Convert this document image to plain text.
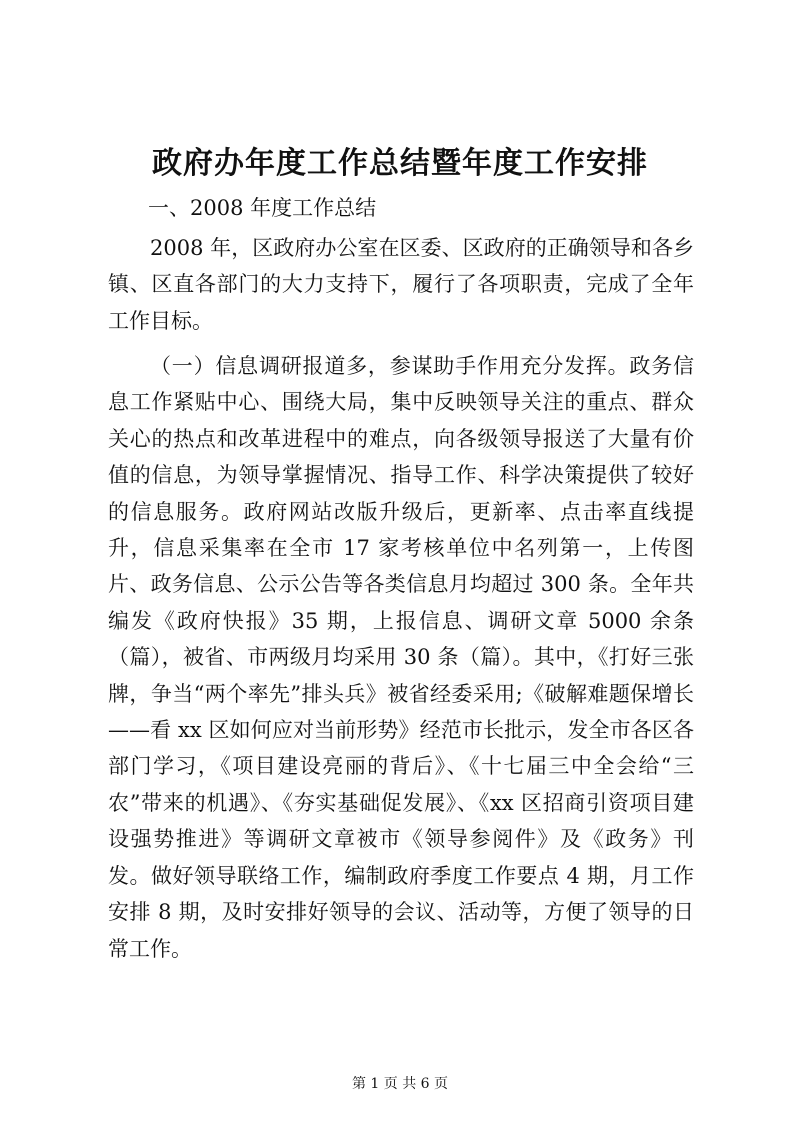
政府办年度工作总结暨年度工作安排
一、2008 年度工作总结

2008 年，区政府办公室在区委、区政府的正确领导和各乡镇、区直各部门的大力支持下，履行了各项职责，完成了全年工作目标。

（一）信息调研报道多，参谋助手作用充分发挥。政务信息工作紧贴中心、围绕大局，集中反映领导关注的重点、群众关心的热点和改革进程中的难点，向各级领导报送了大量有价值的信息，为领导掌握情况、指导工作、科学决策提供了较好的信息服务。政府网站改版升级后，更新率、点击率直线提升，信息采集率在全市 17 家考核单位中名列第一，上传图片、政务信息、公示公告等各类信息月均超过 300 条。全年共编发《政府快报》35 期，上报信息、调研文章 5000 余条（篇），被省、市两级月均采用 30 条（篇）。其中，《打好三张牌，争当“两个率先”排头兵》被省经委采用;《破解难题保增长——看 xx 区如何应对当前形势》经范市长批示，发全市各区各部门学习，《项目建设亮丽的背后》、《十七届三中全会给“三农”带来的机遇》、《夯实基础促发展》、《xx 区招商引资项目建设强势推进》等调研文章被市《领导参阅件》及《政务》刊发。做好领导联络工作，编制政府季度工作要点 4 期，月工作安排 8 期，及时安排好领导的会议、活动等，方便了领导的日常工作。

第 1 页 共 6 页
